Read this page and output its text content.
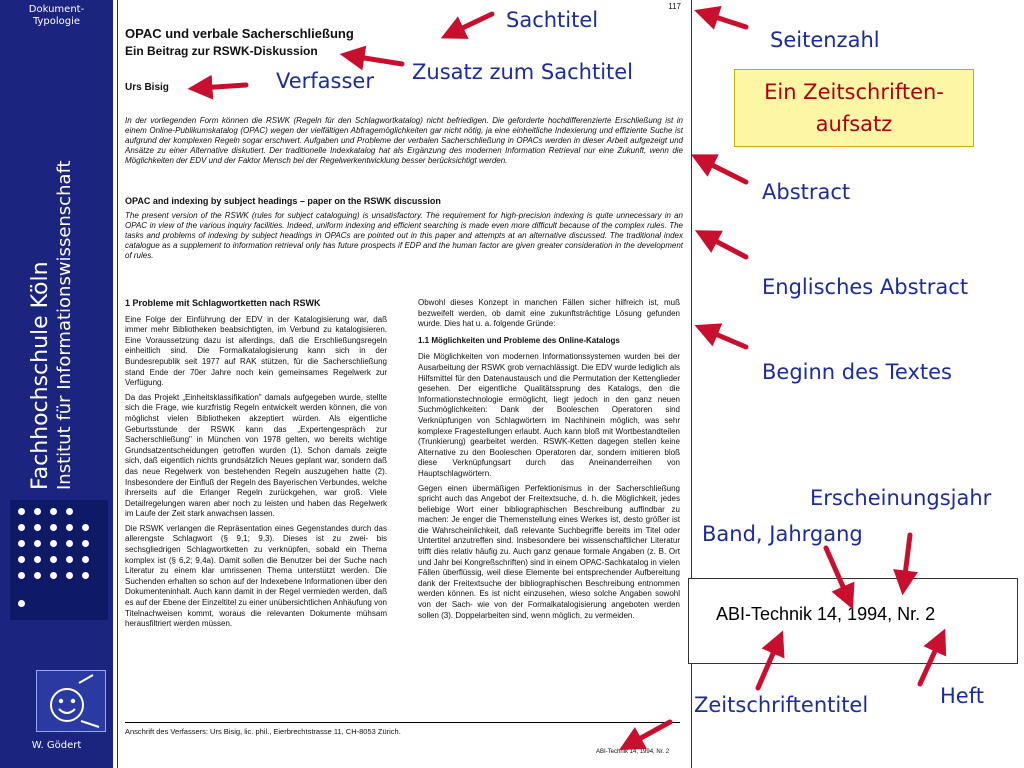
Dokument-
Typologie
Fachhochschule Köln Institut für Informationswissenschaft
W. Gödert
117
OPAC und verbale Sacherschließung
Ein Beitrag zur RSWK-Diskussion
Urs Bisig
In der vorliegenden Form können die RSWK (Regeln für den Schlagwortkatalog) nicht befriedigen. Die geforderte hochdifferenzierte Erschließung ist in einem Online-Publikumskatalog (OPAC) wegen der vielfältigen Abfragemöglichkeiten gar nicht nötig, ja eine einheitliche Indexierung und effiziente Suche ist aufgrund der komplexen Regeln sogar erschwert. Aufgaben und Probleme der verbalen Sacherschließung in OPACs werden in dieser Arbeit aufgezeigt und Ansätze zu einer Alternative diskutiert. Der traditionelle Indexkatalog hat als Ergänzung des modernen Information Retrieval nur eine Zukunft, wenn die Möglichkeiten der EDV und der Faktor Mensch bei der Regelwerkentwicklung besser berücksichtigt werden.
OPAC and indexing by subject headings – paper on the RSWK discussion
The present version of the RSWK (rules for subject cataloguing) is unsatisfactory. The requirement for high-precision indexing is quite unnecessary in an OPAC in view of the various inquiry facilities. Indeed, uniform indexing and efficient searching is made even more difficult because of the complex rules. The tasks and problems of indexing by subject headings in OPACs are pointed out in this paper and attempts at an alternative discussed. The traditional index catalogue as a supplement to information retrieval only has future prospects if EDP and the human factor are given greater consideration in the development of rules.
1 Probleme mit Schlagwortketten nach RSWK

Eine Folge der Einführung der EDV in der Katalogisierung war, daß immer mehr Bibliotheken beabsichtigten, im Verbund zu katalogisieren. Eine Voraussetzung dazu ist allerdings, daß die Erschließungsregeln einheitlich sind. Die Formalkatalogisierung kann sich in der Bundesrepublik seit 1977 auf RAK stützen, für die Sacherschließung stand Ende der 70er Jahre noch kein gemeinsames Regelwerk zur Verfügung.

Da das Projekt „Einheitsklassifikation" damals aufgegeben wurde, stellte sich die Frage, wie kurzfristig Regeln entwickelt werden können, die von möglichst vielen Bibliotheken akzeptiert würden. Als eigentliche Geburtsstunde der RSWK kann das „Expertengespräch zur Sacherschließung" in München von 1978 gelten, wo bereits wichtige Grundsatzentscheidungen getroffen wurden (1). Schon damals zeigte sich, daß eigentlich nichts grundsätzlich Neues geplant war, sondern daß das neue Regelwerk von bestehenden Regeln auszugehen hatte (2). Insbesondere der Einfluß der Regeln des Bayerischen Verbundes, welche ihrerseits auf die Erlanger Regeln zurückgehen, war groß. Viele Detailregelungen waren aber noch zu leisten und haben das Regelwerk im Laufe der Zeit stark anwachsen lassen.

Die RSWK verlangen die Repräsentation eines Gegenstandes durch das allerengste Schlagwort (§ 9,1; 9,3). Dieses ist zu zwei- bis sechsgliedrigen Schlagwortketten zu verknüpfen, sobald ein Thema komplex ist (§ 6,2; 9,4a). Damit sollen die Benutzer bei der Suche nach Literatur zu einem klar umrissenen Thema unterstützt werden. Die Suchenden erhalten so schon auf der Indexebene Informationen über den Dokumenteninhalt. Auch kann damit in der Regel vermieden werden, daß es auf der Ebene der Einzeltitel zu einer unübersichtlichen Anhäufung von Titelnachweisen kommt, woraus die relevanten Dokumente mühsam herausfiltriert werden müssen.

Obwohl dieses Konzept in manchen Fällen sicher hilfreich ist, muß bezweifelt werden, ob damit eine zukunftsträchtige Lösung gefunden wurde. Dies hat u. a. folgende Gründe:

1.1 Möglichkeiten und Probleme des Online-Katalogs

Die Möglichkeiten von modernen Informationssystemen wurden bei der Ausarbeitung der RSWK grob vernachlässigt. Die EDV wurde lediglich als Hilfsmittel für den Datenaustausch und die Permutation der Kettenglieder gesehen. Der eigentliche Qualitätssprung des Katalogs, den die Informationstechnologie ermöglicht, liegt jedoch in den ganz neuen Suchmöglichkeiten: Dank der Booleschen Operatoren sind Verknüpfungen von Schlagwörtern im Nachhinein möglich, was sehr komplexe Fragestellungen erlaubt. Auch kann bloß mit Wortbestandteilen (Trunkierung) gearbeitet werden. RSWK-Ketten dagegen stellen keine Alternative zu den Booleschen Operatoren dar, sondern imitieren bloß diese Verknüpfungsart durch das Aneinanderreihen von Hauptschlagwörtern.

Gegen einen übermäßigen Perfektionismus in der Sacherschließung spricht auch das Angebot der Freitextsuche, d. h. die Möglichkeit, jedes beliebige Wort einer bibliographischen Beschreibung auffindbar zu machen: Je enger die Themenstellung eines Werkes ist, desto größer ist die Wahrscheinlichkeit, daß relevante Suchbegriffe bereits im Titel oder Untertitel anzutreffen sind. Insbesondere bei wissenschaftlicher Literatur trifft dies relativ häufig zu. Auch ganz genaue formale Angaben (z. B. Ort und Jahr bei Kongreßschriften) sind in einem OPAC-Sachkatalog in vielen Fällen überflüssig, weil diese Elemente bei entsprechender Aufbereitung dank der Freitextsuche der bibliographischen Beschreibung entnommen werden können. Es ist nicht einzusehen, wieso solche Angaben sowohl von der Sach- wie von der Formalkatalogisierung angeboten werden sollen (3). Doppelarbeiten sind, wenn möglich, zu vermeiden.

Anschrift des Verfassers: Urs Bisig, lic. phil., Eierbrechtstrasse 11, CH-8053 Zürich.
ABI-Technik 14, 1994, Nr. 2
Sachtitel
Seitenzahl
Verfasser Zusatz zum Sachtitel
Ein Zeitschriften-
aufsatz
Abstract
Englisches Abstract
Beginn des Textes
Erscheinungsjahr
Band, Jahrgang
ABI-Technik 14, 1994, Nr. 2
Zeitschriftentitel	Heft
